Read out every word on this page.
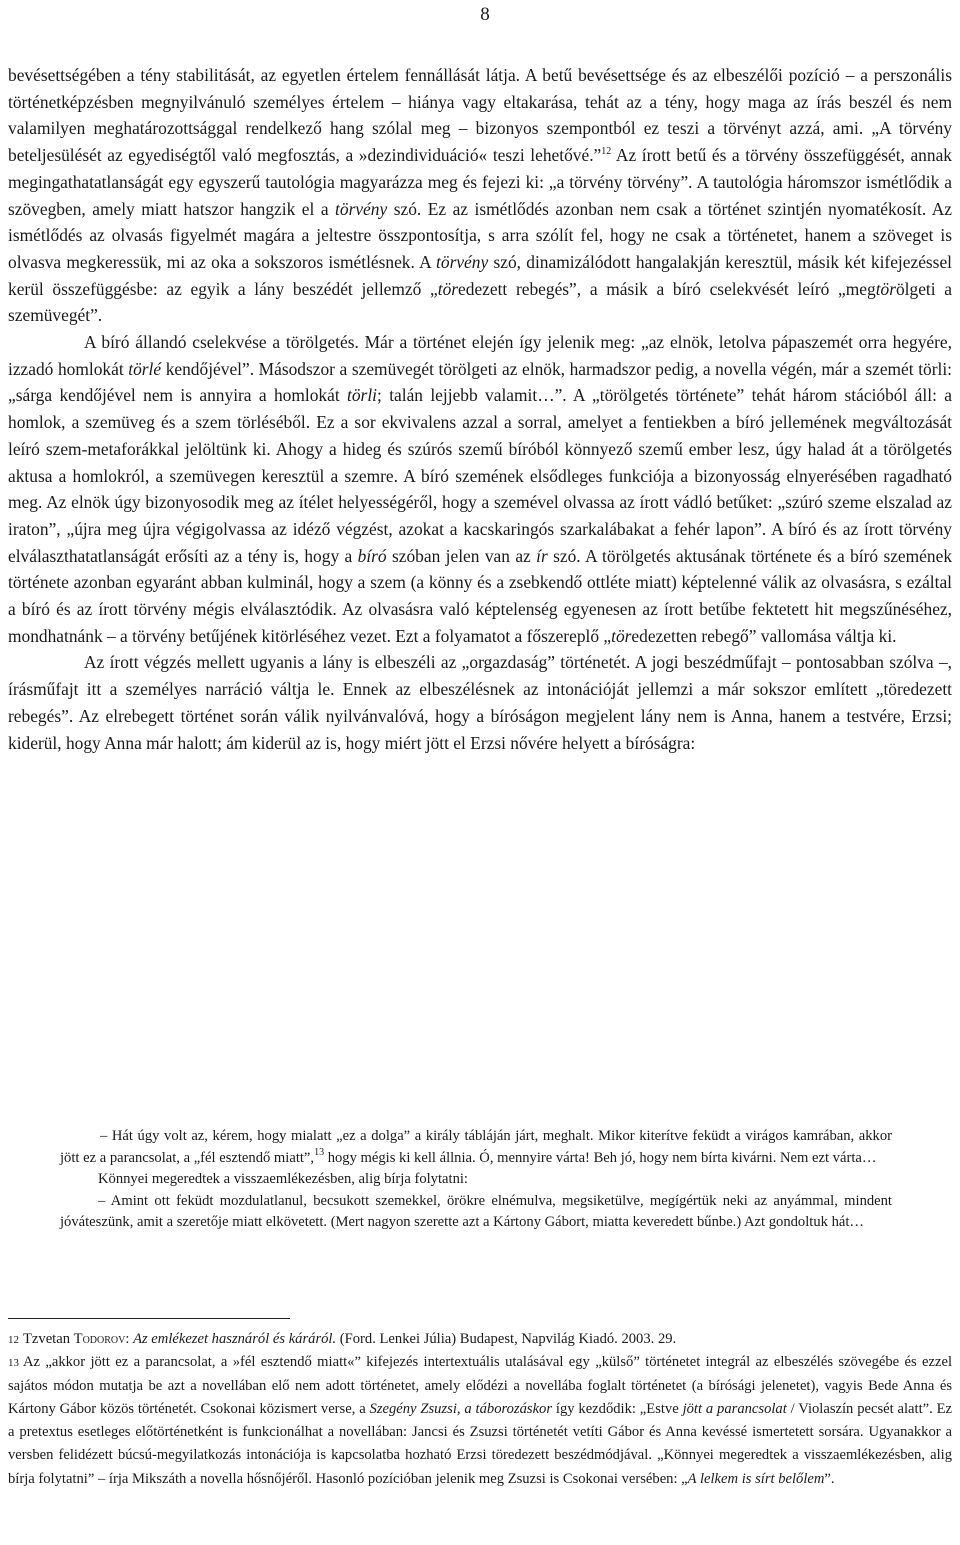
8

bevésettségében a tény stabilitását, az egyetlen értelem fennállását látja. A betű bevésettsége és az elbeszélői pozíció – a perszonális történetképzésben megnyilvánuló személyes értelem – hiánya vagy eltakarása, tehát az a tény, hogy maga az írás beszél és nem valamilyen meghatározottsággal rendelkező hang szólal meg – bizonyos szempontból ez teszi a törvényt azzá, ami. „A törvény beteljesülését az egyediségtől való megfosztás, a »dezindividuáció« teszi lehetővé.”$^{12}$ Az írott betű és a törvény összefüggését, annak megingathatatlanságát egy egyszerű tautológia magyarázza meg és fejezi ki: „a törvény törvény”. A tautológia háromszor ismétlődik a szövegben, amely miatt hatszor hangzik el a törvény szó. Ez az ismétlődés azonban nem csak a történet szintjén nyomatékosít. Az ismétlődés az olvasás figyelmét magára a jeltestre összpontosítja, s arra szólít fel, hogy ne csak a történetet, hanem a szöveget is olvasva megkeressük, mi az oka a sokszoros ismétlésnek. A törvény szó, dinamizálódott hangalakján keresztül, másik két kifejezéssel kerül összefüggésbe: az egyik a lány beszédét jellemző „töredezett rebegés”, a másik a bíró cselekvését leíró „megtörölgeti a szemüvegét”.

A bíró állandó cselekvése a törölgetés. Már a történet elején így jelenik meg: „az elnök, letolva pápaszemét orra hegyére, izzadó homlokát törlé kendőjével”. Másodszor a szemüvegét törölgeti az elnök, harmadszor pedig, a novella végén, már a szemét törli: „sárga kendőjével nem is annyira a homlokát törli; talán lejjebb valamit…”. A „törölgetés története” tehát három stációból áll: a homlok, a szemüveg és a szem törléséből. Ez a sor ekvivalens azzal a sorral, amelyet a fentiekben a bíró jellemének megváltozását leíró szem-metaforákkal jelöltünk ki. Ahogy a hideg és szúrós szemű bíróból könnyező szemű ember lesz, úgy halad át a törölgetés aktusa a homlokról, a szemüvegen keresztül a szemre. A bíró szemének elsődleges funkciója a bizonyosság elnyerésében ragadható meg. Az elnök úgy bizonyosodik meg az ítélet helyességéről, hogy a szemével olvassa az írott vádló betűket: „szúró szeme elszalad az iraton”, „újra meg újra végigolvassa az idéző végzést, azokat a kacskaringós szarkalábakat a fehér lapon”. A bíró és az írott törvény elválaszthatatlanságát erősíti az a tény is, hogy a bíró szóban jelen van az ír szó. A törölgetés aktusának története és a bíró szemének története azonban egyaránt abban kulminál, hogy a szem (a könny és a zsebkendő ottléte miatt) képtelenné válik az olvasásra, s ezáltal a bíró és az írott törvény mégis elválasztódik. Az olvasásra való képtelenség egyenesen az írott betűbe fektetett hit megszűnéséhez, mondhatnánk – a törvény betűjének kitörléséhez vezet. Ezt a folyamatot a főszereplő „töredezetten rebegő” vallomása váltja ki.

Az írott végzés mellett ugyanis a lány is elbeszéli az „orgazdaság” történetét. A jogi beszédműfajt – pontosabban szólva –, írásműfajt itt a személyes narráció váltja le. Ennek az elbeszélésnek az intonációját jellemzi a már sokszor említett „töredezett rebegés”. Az elrebegett történet során válik nyilvánvalóvá, hogy a bíróságon megjelent lány nem is Anna, hanem a testvére, Erzsi; kiderül, hogy Anna már halott; ám kiderül az is, hogy miért jött el Erzsi nővére helyett a bíróságra:

– Hát úgy volt az, kérem, hogy mialatt „ez a dolga” a király tábláján járt, meghalt. Mikor kiterítve feküdt a virágos kamrában, akkor jött ez a parancsolat, a „fél esztendő miatt”,$^{13}$ hogy mégis ki kell állnia. Ó, mennyire várta! Beh jó, hogy nem bírta kivárni. Nem ezt várta…

Könnyei megeredtek a visszaemlékezésben, alig bírja folytatni:

– Amint ott feküdt mozdulatlanul, becsukott szemekkel, örökre elnémulva, megsiketülve, megígértük neki az anyámmal, mindent jóváteszünk, amit a szeretője miatt elkövetett. (Mert nagyon szerette azt a Kártony Gábort, miatta keveredett bűnbe.) Azt gondoltuk hát…

12 Tzvetan Todorov: Az emlékezet hasznáról és káráról. (Ford. Lenkei Júlia) Budapest, Napvilág Kiadó. 2003. 29.

13 Az „akkor jött ez a parancsolat, a »fél esztendő miatt«” kifejezés intertextuális utalásával egy „külső” történetet integrál az elbeszélés szövegébe és ezzel sajátos módon mutatja be azt a novellában elő nem adott történetet, amely elődézi a novellába foglalt történetet (a bírósági jelenetet), vagyis Bede Anna és Kártony Gábor közös történetét. Csokonai közismert verse, a Szegény Zsuzsi, a táborozáskor így kezdődik: „Estve jött a parancsolat / Violaszín pecsét alatt”. Ez a pretextus esetleges előtörténetként is funkcionálhat a novellában: Jancsi és Zsuzsi történetét vetíti Gábor és Anna kevéssé ismertetett sorsára. Ugyanakkor a versben felidézett búcsú-megyilatkozás intonációja is kapcsolatba hozható Erzsi töredezett beszédmódjával. „Könnyei megeredtek a visszaemlékezésben, alig bírja folytatni” – írja Mikszáth a novella hősnőjéről. Hasonló pozícióban jelenik meg Zsuzsi is Csokonai versében: „A lelkem is sírt belőlem”.
